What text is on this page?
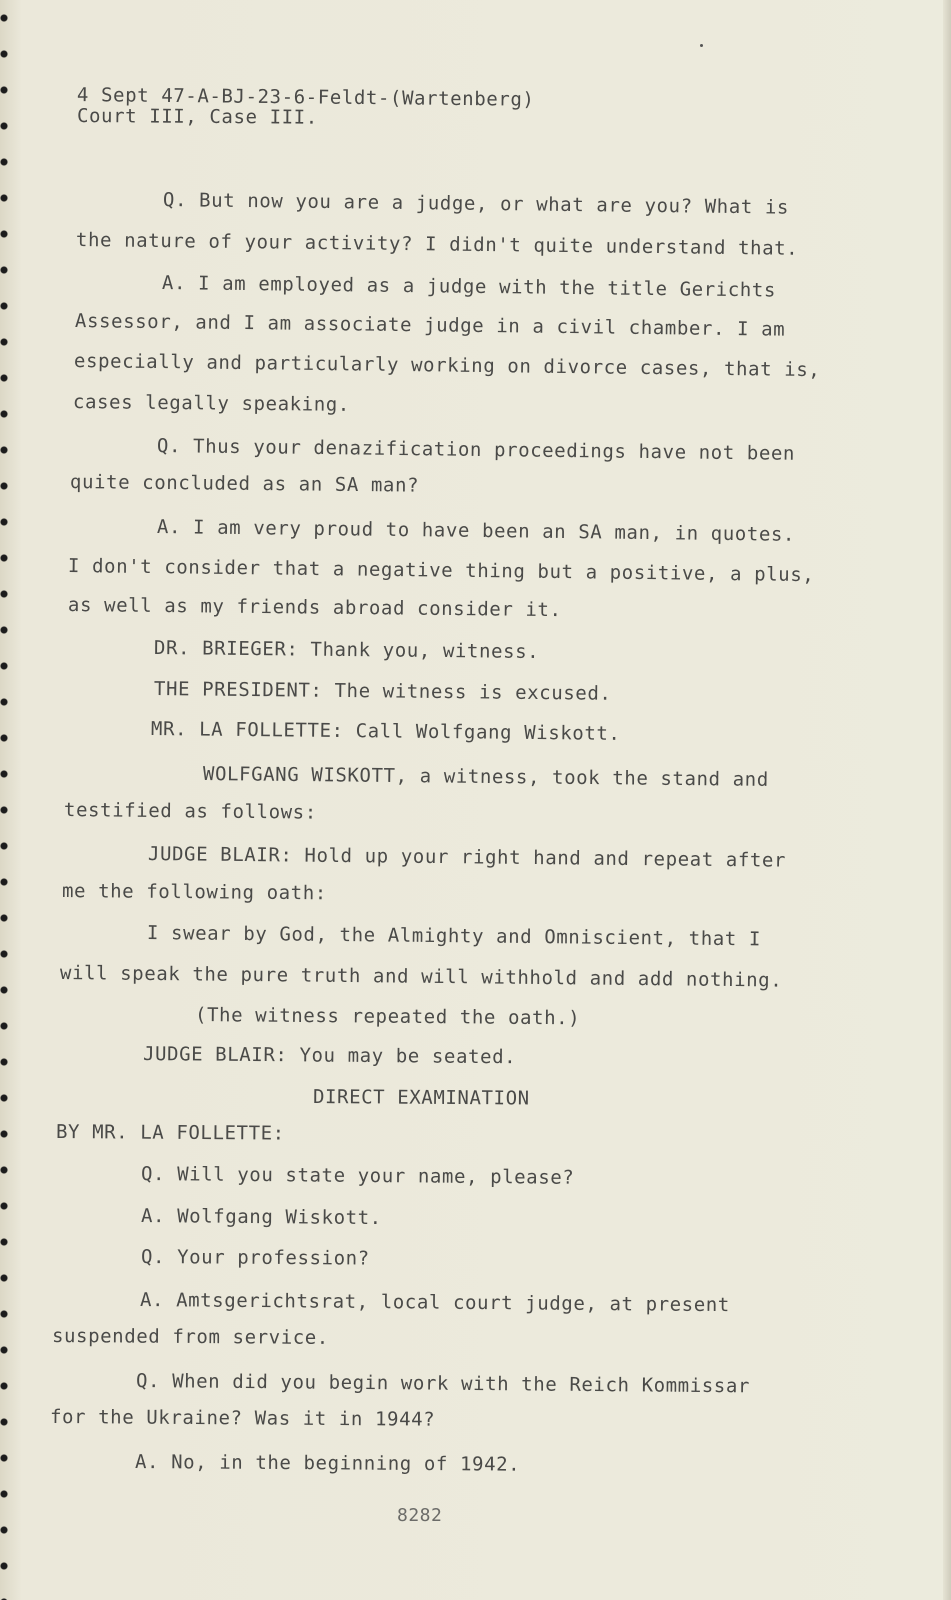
4 Sept 47-A-BJ-23-6-Feldt-(Wartenberg)
Court III, Case III.
Q. But now you are a judge, or what are you? What is
the nature of your activity? I didn't quite understand that.
A. I am employed as a judge with the title Gerichts
Assessor, and I am associate judge in a civil chamber. I am
especially and particularly working on divorce cases, that is,
cases legally speaking.
Q. Thus your denazification proceedings have not been
quite concluded as an SA man?
A. I am very proud to have been an SA man, in quotes.
I don't consider that a negative thing but a positive, a plus,
as well as my friends abroad consider it.
DR. BRIEGER: Thank you, witness.
THE PRESIDENT: The witness is excused.
MR. LA FOLLETTE: Call Wolfgang Wiskott.
WOLFGANG WISKOTT, a witness, took the stand and
testified as follows:
JUDGE BLAIR: Hold up your right hand and repeat after
me the following oath:
I swear by God, the Almighty and Omniscient, that I
will speak the pure truth and will withhold and add nothing.
(The witness repeated the oath.)
JUDGE BLAIR: You may be seated.
DIRECT EXAMINATION
BY MR. LA FOLLETTE:
Q. Will you state your name, please?
A. Wolfgang Wiskott.
Q. Your profession?
A. Amtsgerichtsrat, local court judge, at present
suspended from service.
Q. When did you begin work with the Reich Kommissar
for the Ukraine? Was it in 1944?
A. No, in the beginning of 1942.
8282
